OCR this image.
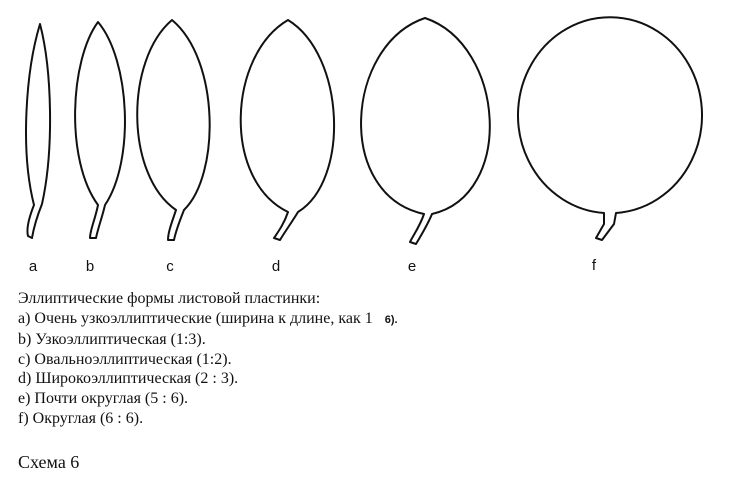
a	b	c	d	e	f
Эллиптические формы листовой пластинки:
a) Очень узкоэллиптические (ширина к длине, как 1 6).
b) Узкоэллиптическая (1:3).
c) Овальноэллиптическая (1:2).
d) Широкоэллиптическая (2 : 3).
e) Почти округлая (5 : 6).
f) Округлая (6 : 6).
Схема 6
